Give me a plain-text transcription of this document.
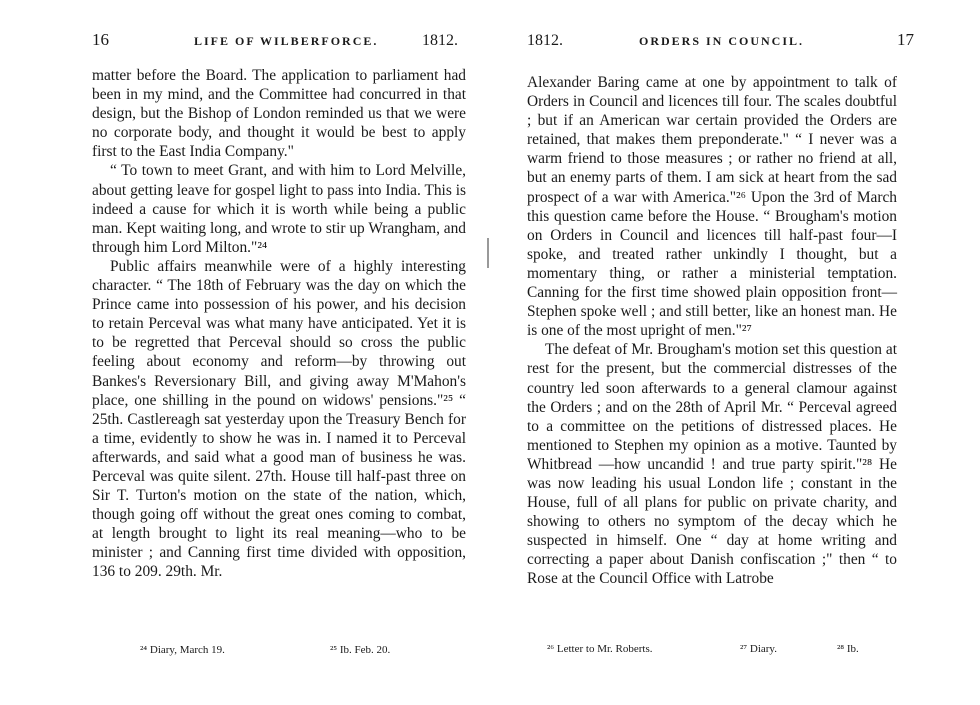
16	LIFE OF WILBERFORCE.	1812.

matter before the Board. The application to parliament had been in my mind, and the Committee had concurred in that design, but the Bishop of London reminded us that we were no corporate body, and thought it would be best to apply first to the East India Company."

“ To town to meet Grant, and with him to Lord Melville, about getting leave for gospel light to pass into India. This is indeed a cause for which it is worth while being a public man. Kept waiting long, and wrote to stir up Wrangham, and through him Lord Milton."²⁴

Public affairs meanwhile were of a highly interesting character. “ The 18th of February was the day on which the Prince came into possession of his power, and his decision to retain Perceval was what many have anticipated. Yet it is to be regretted that Perceval should so cross the public feeling about economy and reform—by throwing out Bankes's Reversionary Bill, and giving away M'Mahon's place, one shilling in the pound on widows' pensions."²⁵ “ 25th. Castlereagh sat yesterday upon the Treasury Bench for a time, evidently to show he was in. I named it to Perceval afterwards, and said what a good man of business he was. Perceval was quite silent. 27th. House till half-past three on Sir T. Turton's motion on the state of the nation, which, though going off without the great ones coming to combat, at length brought to light its real meaning—who to be minister ; and Canning first time divided with opposition, 136 to 209. 29th. Mr.

²⁴ Diary, March 19.	²⁵ Ib. Feb. 20.
1812.	ORDERS IN COUNCIL.	17

Alexander Baring came at one by appointment to talk of Orders in Council and licences till four. The scales doubtful ; but if an American war certain provided the Orders are retained, that makes them preponderate." “ I never was a warm friend to those measures ; or rather no friend at all, but an enemy parts of them. I am sick at heart from the sad prospect of a war with America."²⁶ Upon the 3rd of March this question came before the House. “ Brougham's motion on Orders in Council and licences till half-past four—I spoke, and treated rather unkindly I thought, but a momentary thing, or rather a ministerial temptation. Canning for the first time showed plain opposition front—Stephen spoke well ; and still better, like an honest man. He is one of the most upright of men."²⁷

The defeat of Mr. Brougham's motion set this question at rest for the present, but the commercial distresses of the country led soon afterwards to a general clamour against the Orders ; and on the 28th of April Mr. “ Perceval agreed to a committee on the petitions of distressed places. He mentioned to Stephen my opinion as a motive. Taunted by Whitbread —how uncandid ! and true party spirit."²⁸ He was now leading his usual London life ; constant in the House, full of all plans for public on private charity, and showing to others no symptom of the decay which he suspected in himself. One “ day at home writing and correcting a paper about Danish confiscation ;" then “ to Rose at the Council Office with Latrobe

²⁶ Letter to Mr. Roberts.	²⁷ Diary.	²⁸ Ib.
